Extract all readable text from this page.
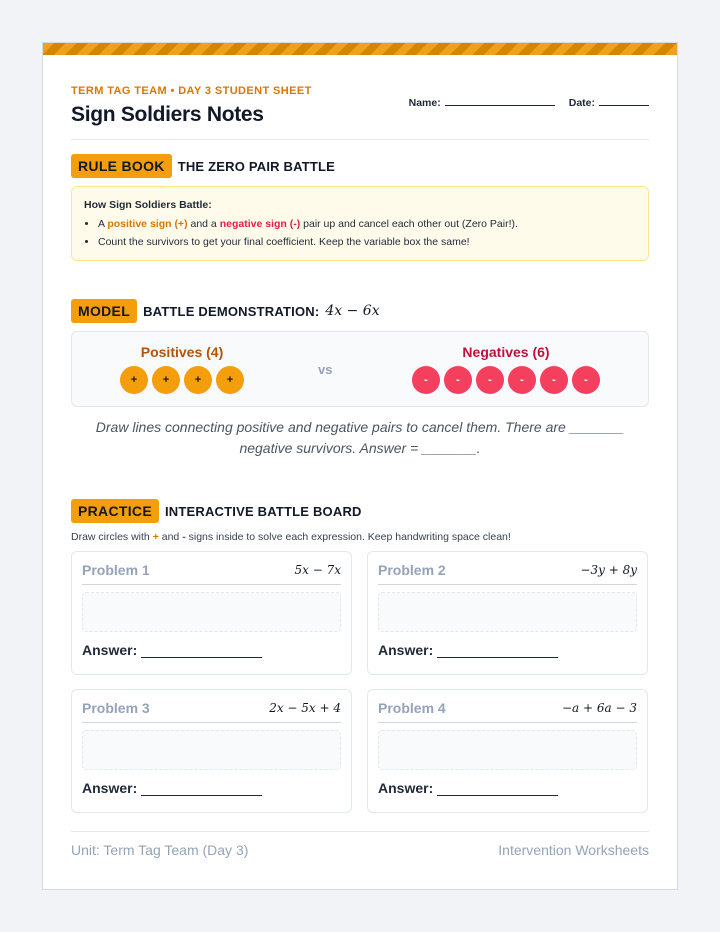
TERM TAG TEAM • DAY 3 STUDENT SHEET
Sign Soldiers Notes	Name:	Date:
RULE BOOK	THE ZERO PAIR BATTLE
How Sign Soldiers Battle:
• A positive sign (+) and a negative sign (-) pair up and cancel each other out (Zero Pair!).
• Count the survivors to get your final coefficient. Keep the variable box the same!
MODEL	BATTLE DEMONSTRATION: 4x − 6x
Positives (4)
+	+	+	+
vs
Negatives (6)
-	-	-	-	-	-
Draw lines connecting positive and negative pairs to cancel them. There are _______
negative survivors. Answer = _______.
PRACTICE	INTERACTIVE BATTLE BOARD
Draw circles with + and - signs inside to solve each expression. Keep handwriting space clean!
Problem 1	5x − 7x
Answer:
Problem 2	−3y + 8y
Answer:
Problem 3	2x − 5x + 4
Answer:
Problem 4	−a + 6a − 3
Answer:
Unit: Term Tag Team (Day 3)	Intervention Worksheets
